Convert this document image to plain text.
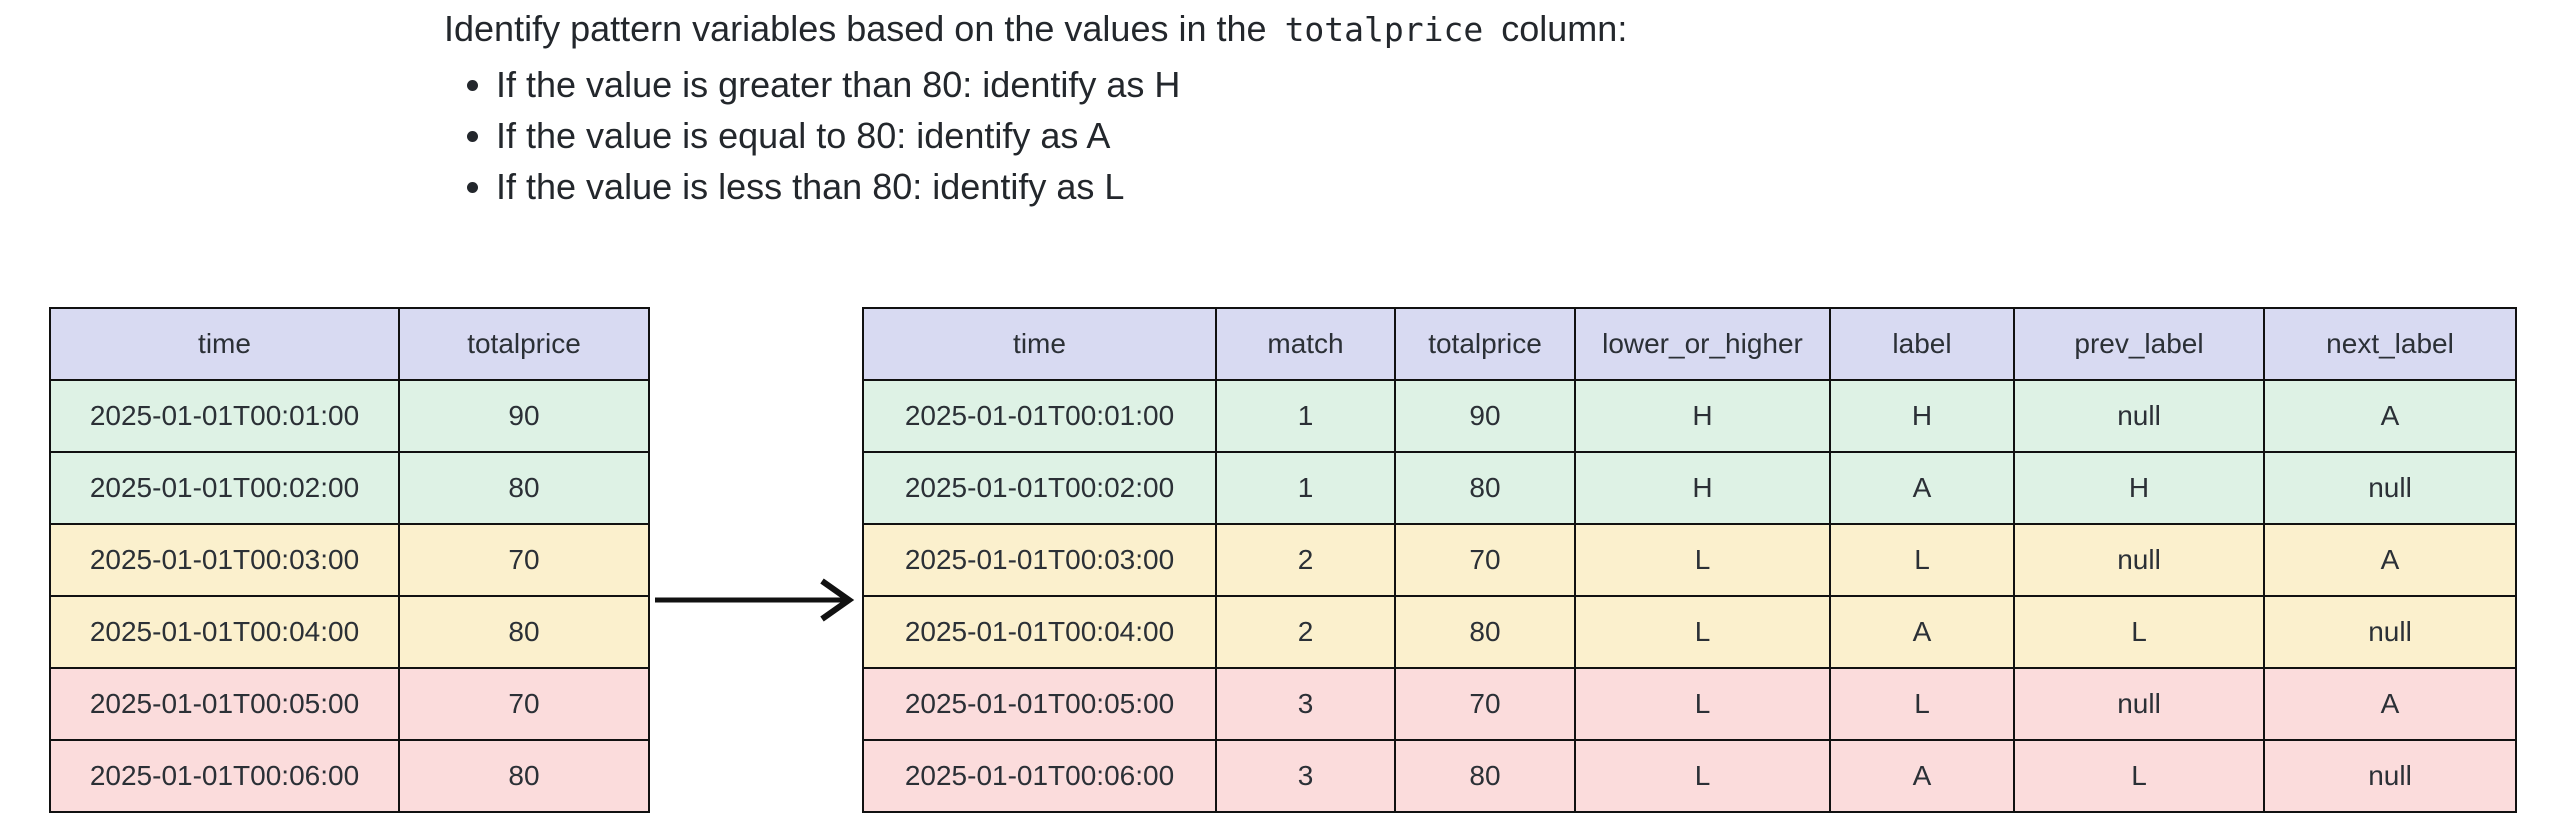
Identify pattern variables based on the values in the totalprice column:
• If the value is greater than 80: identify as H
• If the value is equal to 80: identify as A
• If the value is less than 80: identify as L
time	totalprice
2025-01-01T00:01:00	90
2025-01-01T00:02:00	80
2025-01-01T00:03:00	70
2025-01-01T00:04:00	80
2025-01-01T00:05:00	70
2025-01-01T00:06:00	80
time	match	totalprice	lower_or_higher	label	prev_label	next_label
2025-01-01T00:01:00	1	90	H	H	null	A
2025-01-01T00:02:00	1	80	H	A	H	null
2025-01-01T00:03:00	2	70	L	L	null	A
2025-01-01T00:04:00	2	80	L	A	L	null
2025-01-01T00:05:00	3	70	L	L	null	A
2025-01-01T00:06:00	3	80	L	A	L	null
